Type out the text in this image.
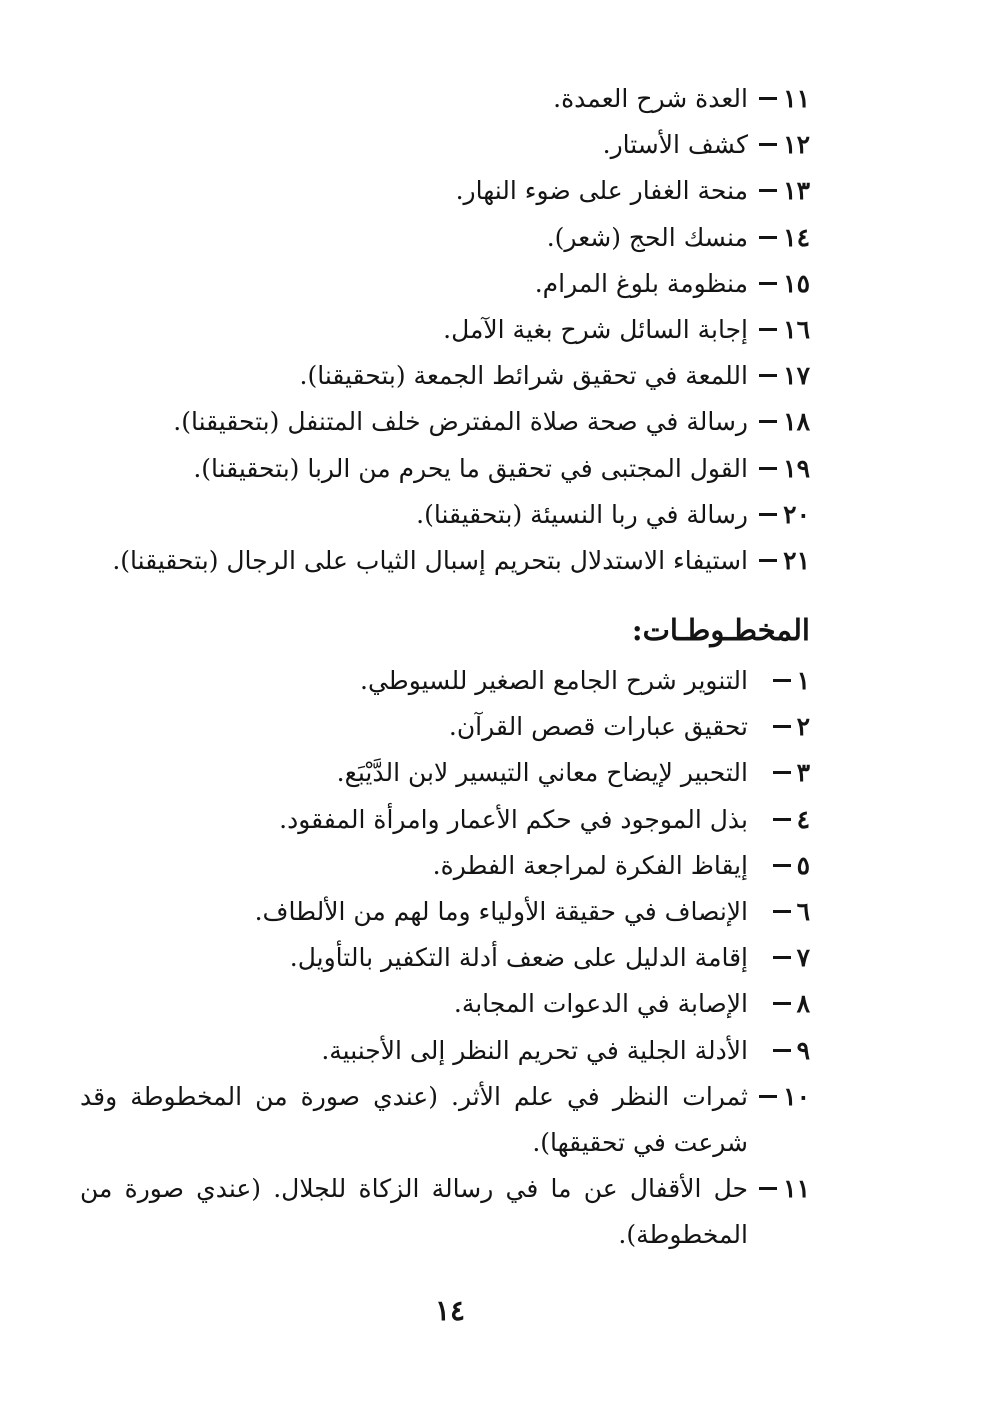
١١
العدة شرح العمدة.
١٢
كشف الأستار.
١٣
منحة الغفار على ضوء النهار.
١٤
منسك الحج (شعر).
١٥
منظومة بلوغ المرام.
١٦
إجابة السائل شرح بغية الآمل.
١٧
اللمعة في تحقيق شرائط الجمعة (بتحقيقنا).
١٨
رسالة في صحة صلاة المفترض خلف المتنفل (بتحقيقنا).
١٩
القول المجتبى في تحقيق ما يحرم من الربا (بتحقيقنا).
٢٠
رسالة في ربا النسيئة (بتحقيقنا).
٢١
استيفاء الاستدلال بتحريم إسبال الثياب على الرجال (بتحقيقنا).
المخطـوطـات:
١
التنوير شرح الجامع الصغير للسيوطي.
٢
تحقيق عبارات قصص القرآن.
٣
التحبير لإيضاح معاني التيسير لابن الدَّيْبَع.
٤
بذل الموجود في حكم الأعمار وامرأة المفقود.
٥
إيقاظ الفكرة لمراجعة الفطرة.
٦
الإنصاف في حقيقة الأولياء وما لهم من الألطاف.
٧
إقامة الدليل على ضعف أدلة التكفير بالتأويل.
٨
الإصابة في الدعوات المجابة.
٩
الأدلة الجلية في تحريم النظر إلى الأجنبية.
١٠
ثمرات النظر في علم الأثر. (عندي صورة من المخطوطة وقد شرعت في تحقيقها).
١١
حل الأقفال عن ما في رسالة الزكاة للجلال. (عندي صورة من المخطوطة).
١٤
